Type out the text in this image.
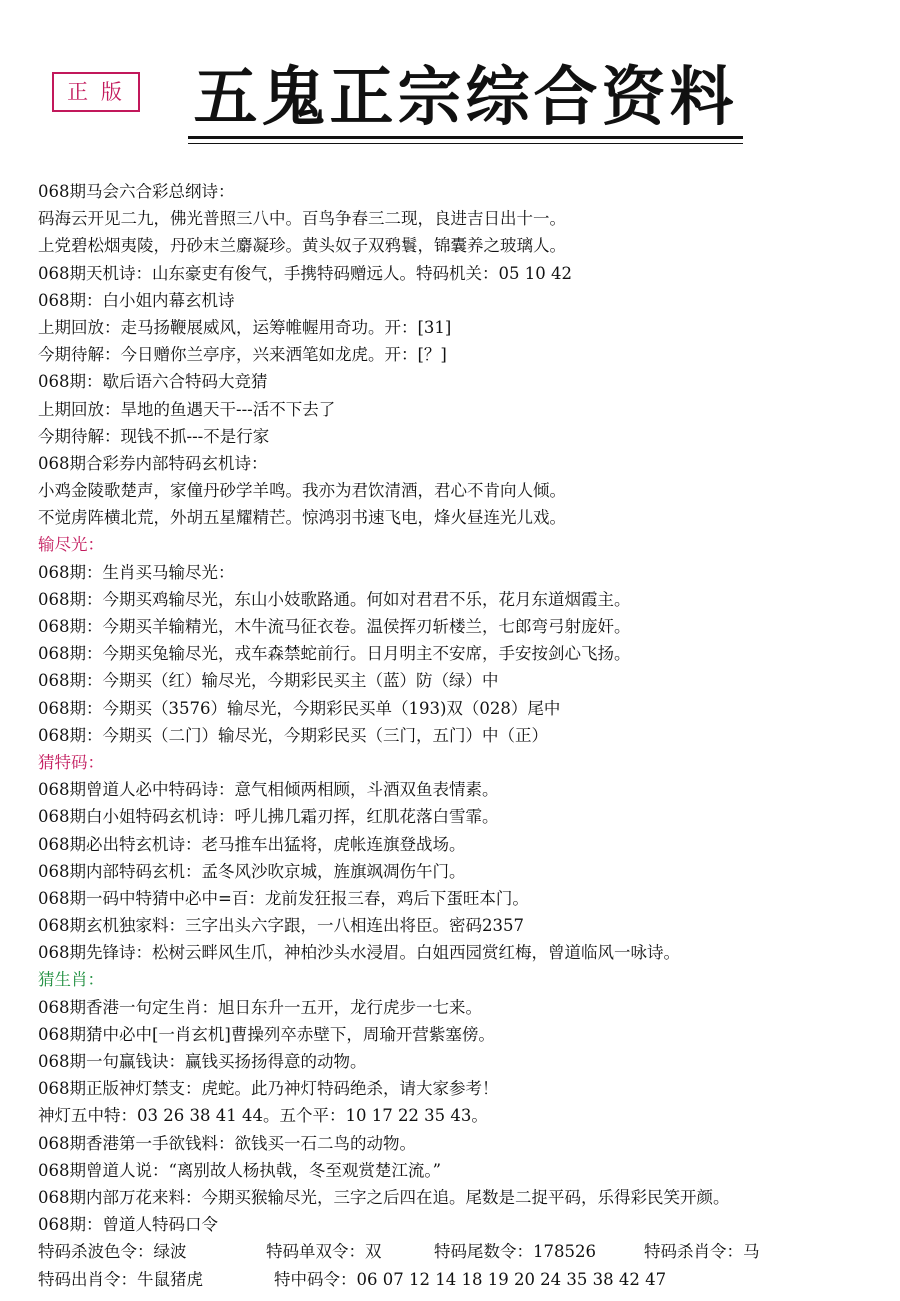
正 版 五鬼正宗综合资料
068期马会六合彩总纲诗：
码海云开见二九，佛光普照三八中。百鸟争春三二现，良进吉日出十一。
上党碧松烟夷陵，丹砂末兰麝凝珍。黄头奴子双鸦鬟，锦囊养之玻璃人。
068期天机诗：山东豪吏有俊气，手携特码赠远人。特码机关：05 10 42
068期：白小姐内幕玄机诗
上期回放：走马扬鞭展威风，运筹帷幄用奇功。开：[31]
今期待解：今日赠你兰亭序，兴来洒笔如龙虎。开：[？]
068期：歇后语六合特码大竞猜
上期回放：旱地的鱼遇天干---活不下去了
今期待解：现钱不抓---不是行家
068期合彩券内部特码玄机诗：
小鸡金陵歌楚声，家僮丹砂学羊鸣。我亦为君饮清酒，君心不肯向人倾。
不觉虏阵横北荒，外胡五星耀精芒。惊鸿羽书速飞电，烽火昼连光儿戏。
输尽光：
068期：生肖买马输尽光：
068期：今期买鸡输尽光，东山小妓歌路通。何如对君君不乐，花月东道烟霞主。
068期：今期买羊输精光，木牛流马征衣卷。温侯挥刃斩楼兰，七郎弯弓射庞奸。
068期：今期买兔输尽光，戎车森禁蛇前行。日月明主不安席，手安按剑心飞扬。
068期：今期买（红）输尽光，今期彩民买主（蓝）防（绿）中
068期：今期买（3576）输尽光，今期彩民买单（193)双（028）尾中
068期：今期买（二门）输尽光，今期彩民买（三门，五门）中（正）
猜特码：
068期曾道人必中特码诗：意气相倾两相顾，斗酒双鱼表情素。
068期白小姐特码玄机诗：呼儿拂几霜刃挥，红肌花落白雪霏。
068期必出特玄机诗：老马推车出猛将，虎帐连旗登战场。
068期内部特码玄机：孟冬风沙吹京城，旌旗飒凋伤午门。
068期一码中特猜中必中=百：龙前发狂报三春，鸡后下蛋旺本门。
068期玄机独家料：三字出头六字跟，一八相连出将臣。密码2357
068期先锋诗：松树云畔风生爪，神柏沙头水浸眉。白姐西园赏红梅，曾道临风一咏诗。
猜生肖：
068期香港一句定生肖：旭日东升一五开，龙行虎步一七来。
068期猜中必中[一肖玄机]曹操列卒赤壁下，周瑜开营紫塞傍。
068期一句赢钱诀：赢钱买扬扬得意的动物。
068期正版神灯禁支：虎蛇。此乃神灯特码绝杀，请大家参考！
神灯五中特：03 26 38 41 44。五个平：10 17 22 35 43。
068期香港第一手欲钱料：欲钱买一石二鸟的动物。
068期曾道人说：“离别故人杨执戟，冬至观赏楚江流。”
068期内部万花来料：今期买猴输尽光，三字之后四在追。尾数是二捉平码，乐得彩民笑开颜。
068期：曾道人特码口令
特码杀波色令：绿波	特码单双令：双	特码尾数令：178526	特码杀肖令：马
特码出肖令：牛鼠猪虎	特中码令：06 07 12 14 18 19 20 24 35 38 42 47
